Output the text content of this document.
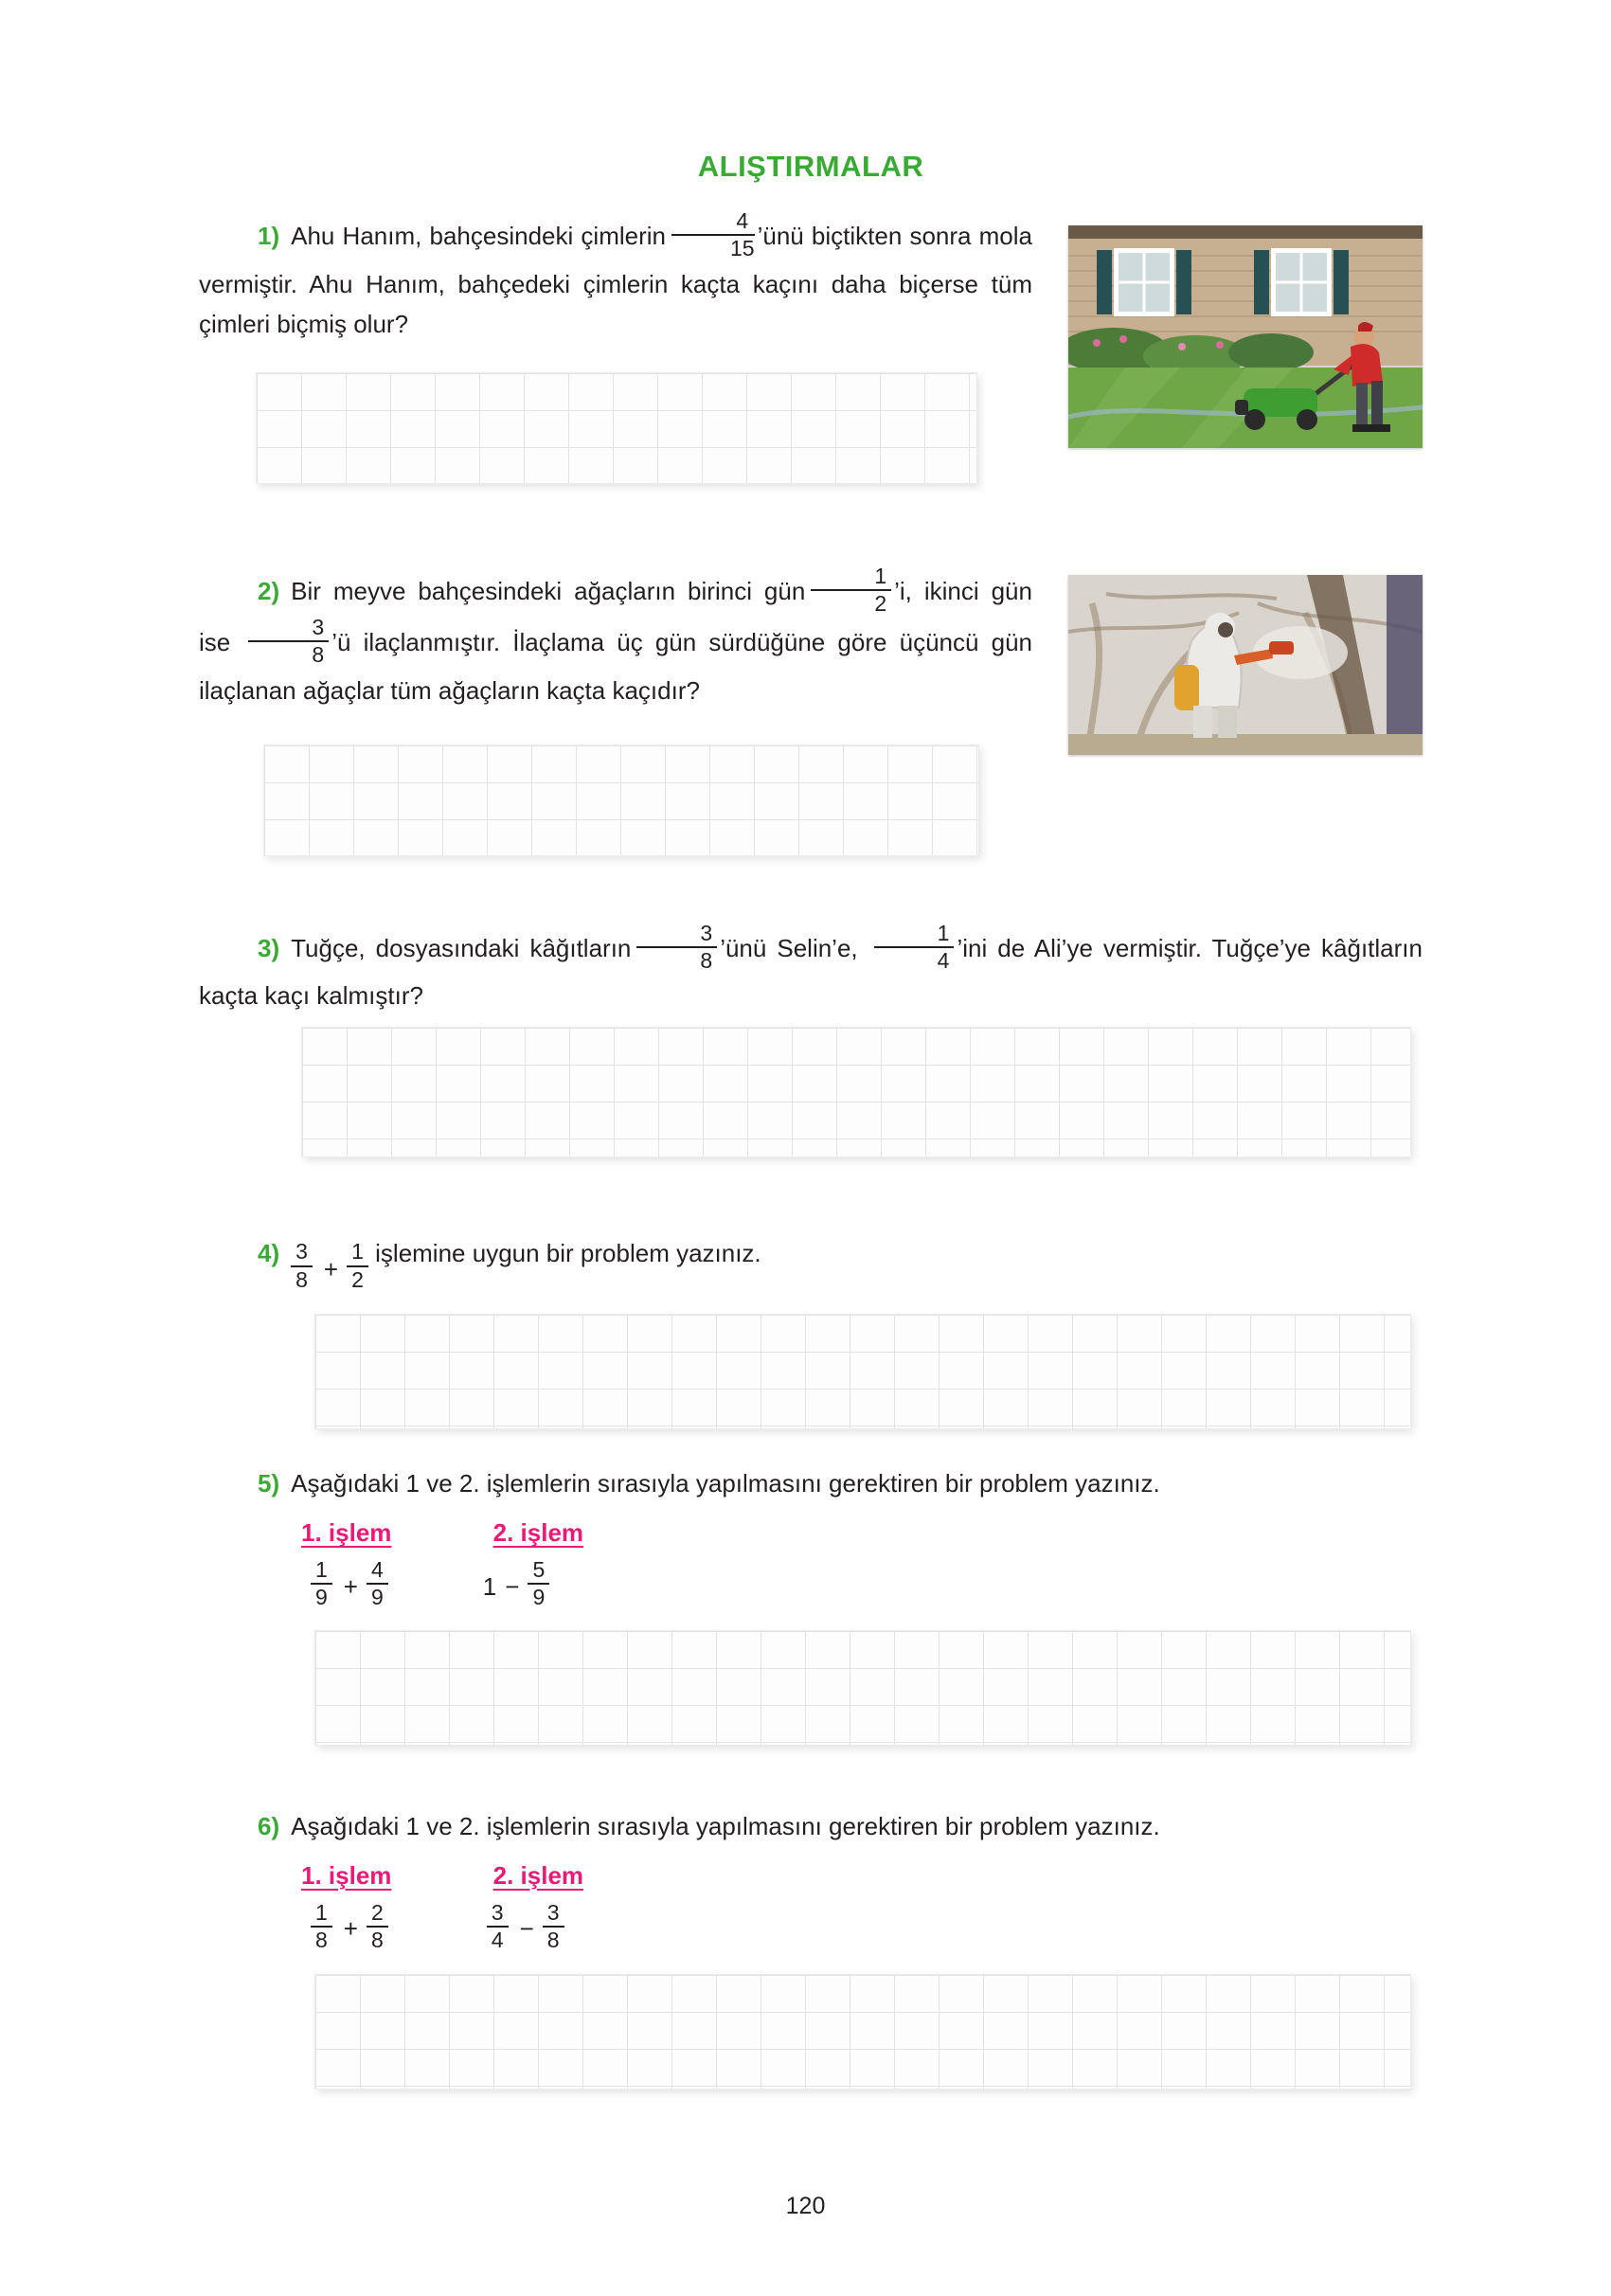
ALIŞTIRMALAR

1) Ahu Hanım, bahçesindeki çimlerin $\frac{4}{15}$ ’ünü biçtikten sonra mola vermiştir. Ahu Hanım, bahçedeki çimlerin kaçta kaçını daha biçerse tüm çimleri biçmiş olur?

2) Bir meyve bahçesindeki ağaçların birinci gün $\frac{1}{2}$ ’i, ikinci gün ise $\frac{3}{8}$ ’ü ilaçlanmıştır. İlaçlama üç gün sürdüğüne göre üçüncü gün ilaçlanan ağaçlar tüm ağaçların kaçta kaçıdır?

3) Tuğçe, dosyasındaki kâğıtların $\frac{3}{8}$ ’ünü Selin’e, $\frac{1}{4}$ ’ini de Ali’ye vermiştir. Tuğçe’ye kâğıtların kaçta kaçı kalmıştır?

$4) \frac{3}{8} + \frac{1}{2}$ işlemine uygun bir problem yazınız.

5) Aşağıdaki 1 ve 2. işlemlerin sırasıyla yapılmasını gerektiren bir problem yazınız.

1. işlem	2. işlem
$\frac{1}{9} + \frac{4}{9}$	$1 - \frac{5}{9}$

6) Aşağıdaki 1 ve 2. işlemlerin sırasıyla yapılmasını gerektiren bir problem yazınız.

1. işlem	2. işlem
$\frac{1}{8} + \frac{2}{8}$	$\frac{3}{4} - \frac{3}{8}$
120
